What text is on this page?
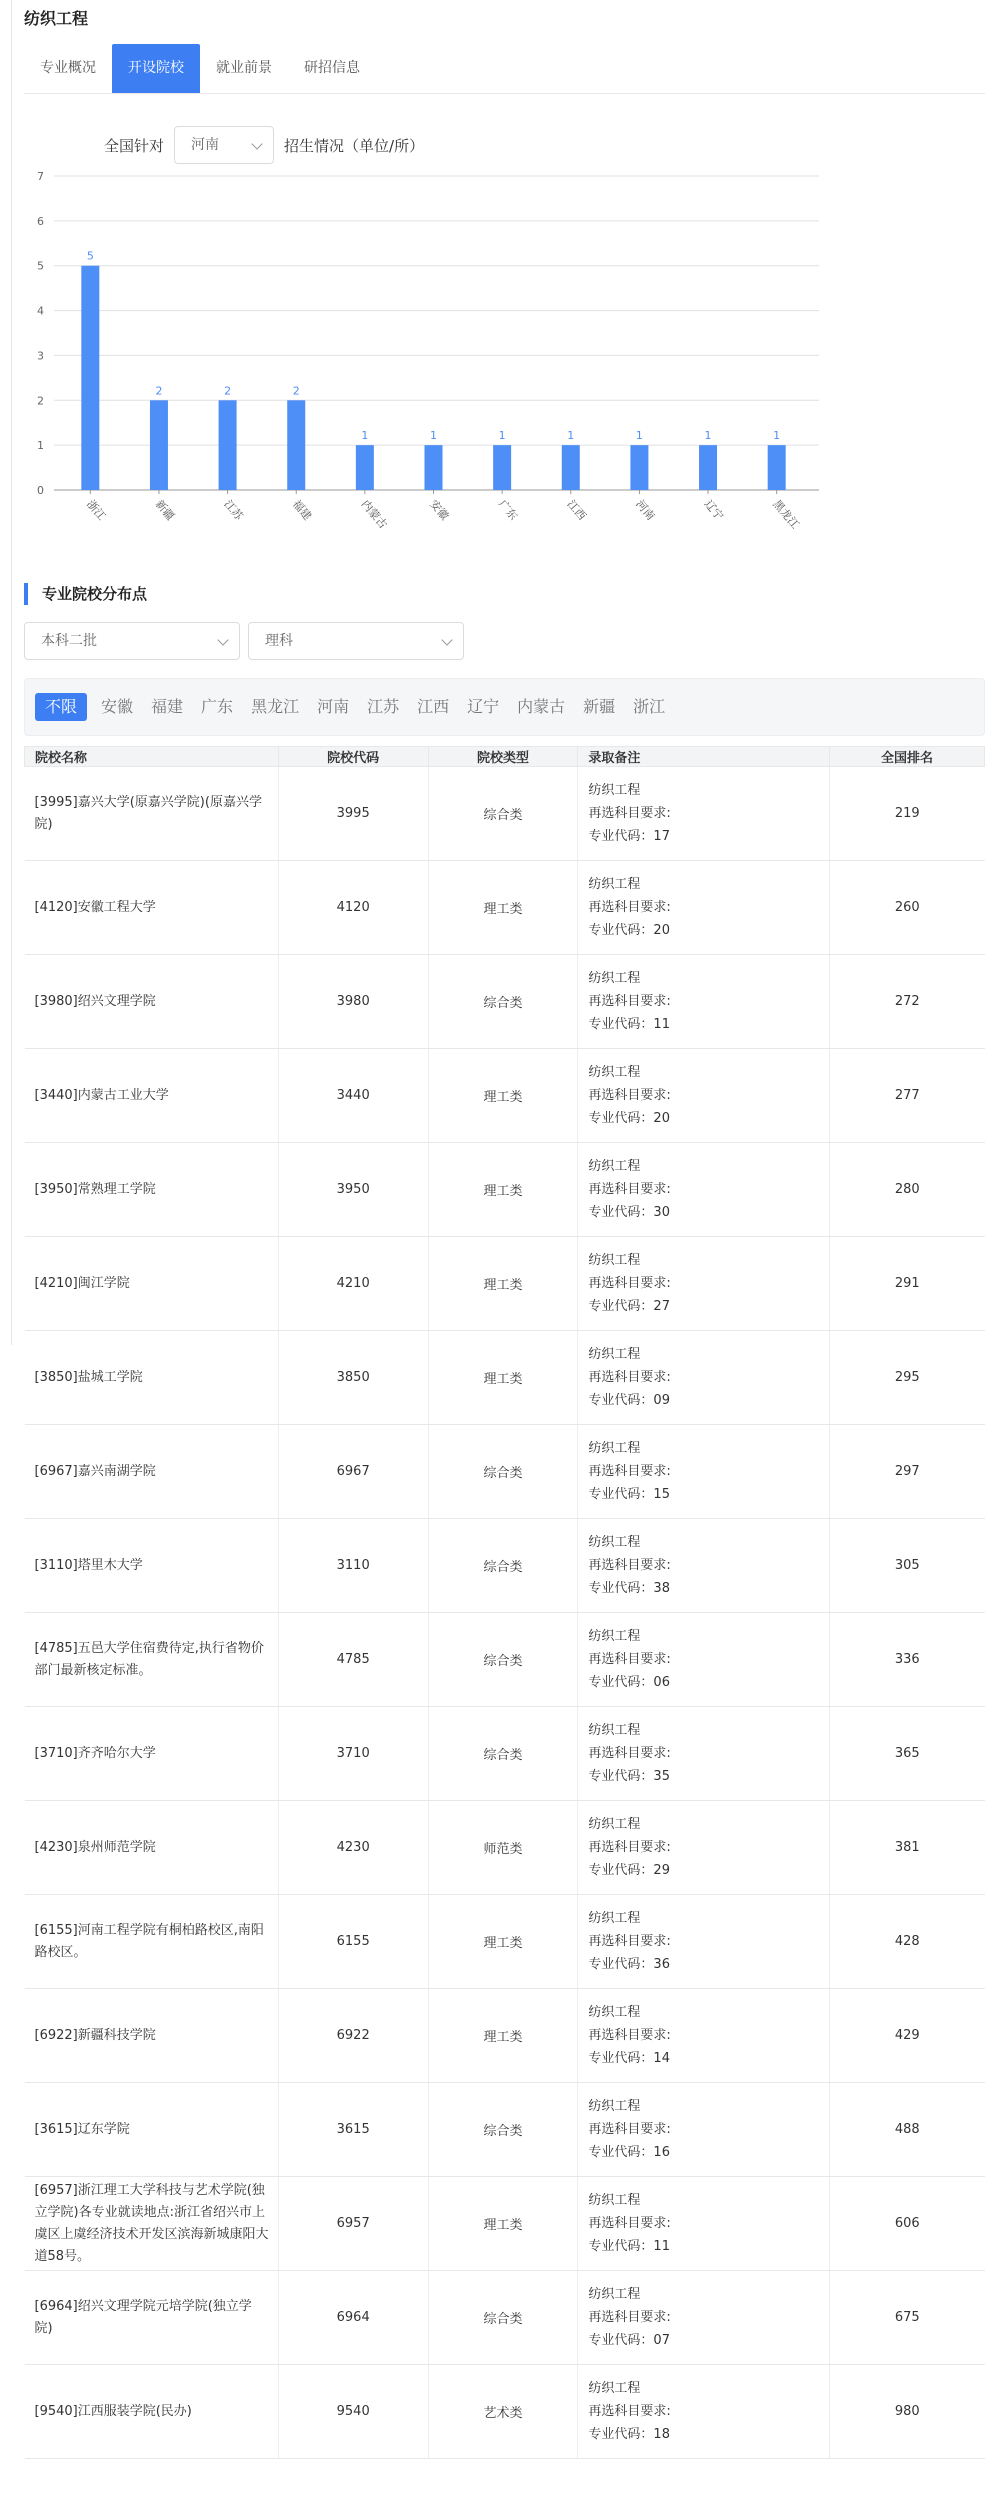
纺织工程
专业概况	开设院校	就业前景	研招信息
全国针对	河南	招生情况（单位/所）
0
1
2
3
4
5
6
7
5
浙江
2
新疆
2
江苏
2
福建
1
内蒙古
1
安徽
1
广东
1
江西
1
河南
1
辽宁
1
黑龙江
专业院校分布点
本科二批	理科
不限	安徽 福建 广东 黑龙江 河南 江苏 江西 辽宁 内蒙古 新疆 浙江
院校名称	院校代码	院校类型	录取备注	全国排名
[3995]嘉兴大学(原嘉兴学院)(原嘉兴学院)	3995	综合类	纺织工程
再选科目要求:
专业代码：17	219
[4120]安徽工程大学	4120	理工类	纺织工程
再选科目要求:
专业代码：20	260
[3980]绍兴文理学院	3980	综合类	纺织工程
再选科目要求:
专业代码：11	272
[3440]内蒙古工业大学	3440	理工类	纺织工程
再选科目要求:
专业代码：20	277
[3950]常熟理工学院	3950	理工类	纺织工程
再选科目要求:
专业代码：30	280
[4210]闽江学院	4210	理工类	纺织工程
再选科目要求:
专业代码：27	291
[3850]盐城工学院	3850	理工类	纺织工程
再选科目要求:
专业代码：09	295
[6967]嘉兴南湖学院	6967	综合类	纺织工程
再选科目要求:
专业代码：15	297
[3110]塔里木大学	3110	综合类	纺织工程
再选科目要求:
专业代码：38	305
[4785]五邑大学住宿费待定,执行省物价部门最新核定标准。	4785	综合类	纺织工程
再选科目要求:
专业代码：06	336
[3710]齐齐哈尔大学	3710	综合类	纺织工程
再选科目要求:
专业代码：35	365
[4230]泉州师范学院	4230	师范类	纺织工程
再选科目要求:
专业代码：29	381
[6155]河南工程学院有桐柏路校区,南阳路校区。	6155	理工类	纺织工程
再选科目要求:
专业代码：36	428
[6922]新疆科技学院	6922	理工类	纺织工程
再选科目要求:
专业代码：14	429
[3615]辽东学院	3615	综合类	纺织工程
再选科目要求:
专业代码：16	488
[6957]浙江理工大学科技与艺术学院(独立学院)各专业就读地点:浙江省绍兴市上虞区上虞经济技术开发区滨海新城康阳大道58号。	6957	理工类	纺织工程
再选科目要求:
专业代码：11	606
[6964]绍兴文理学院元培学院(独立学院)	6964	综合类	纺织工程
再选科目要求:
专业代码：07	675
[9540]江西服装学院(民办)	9540	艺术类	纺织工程
再选科目要求:
专业代码：18	980
